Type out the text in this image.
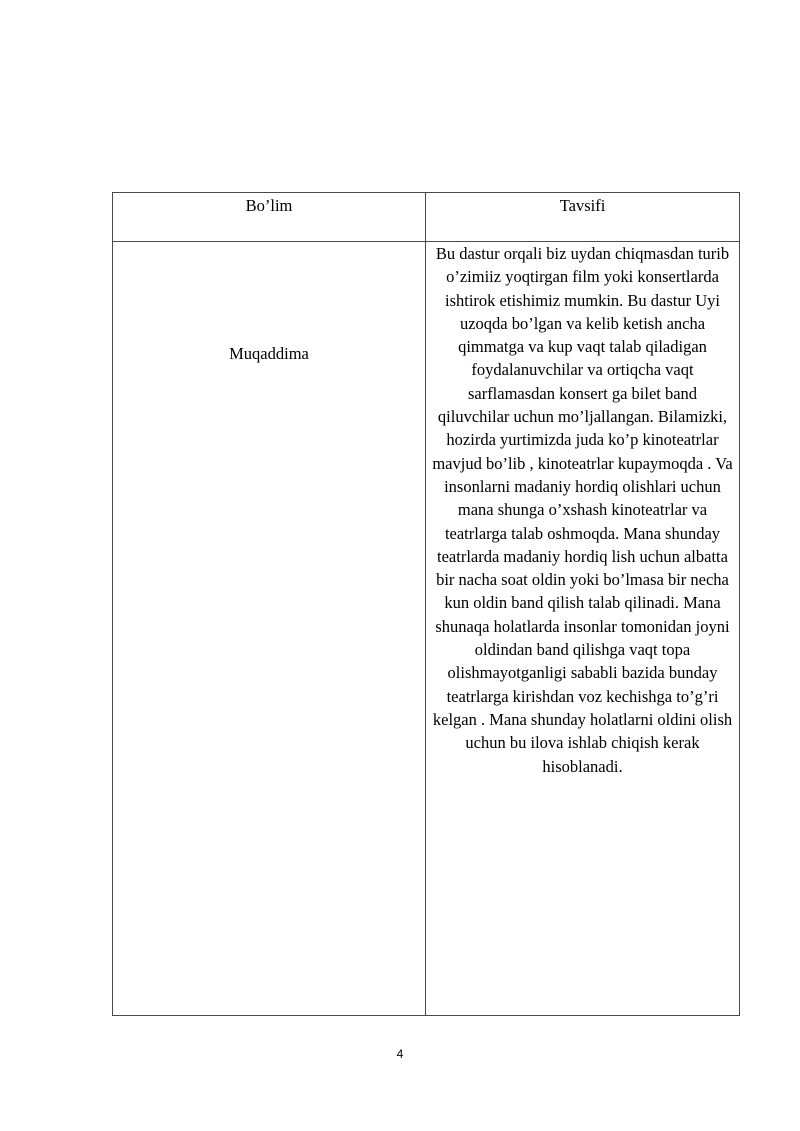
Bo’lim	Tavsifi
Muqaddima	Bu dastur orqali biz uydan chiqmasdan turib o’zimiiz yoqtirgan film yoki konsertlarda ishtirok etishimiz mumkin. Bu dastur Uyi uzoqda bo’lgan va kelib ketish ancha qimmatga va kup vaqt talab qiladigan foydalanuvchilar va ortiqcha vaqt sarflamasdan konsert ga bilet band qiluvchilar uchun mo’ljallangan. Bilamizki, hozirda yurtimizda juda ko’p kinoteatrlar mavjud bo’lib , kinoteatrlar kupaymoqda . Va insonlarni madaniy hordiq olishlari uchun mana shunga o’xshash kinoteatrlar va teatrlarga talab oshmoqda. Mana shunday teatrlarda madaniy hordiq lish uchun albatta bir nacha soat oldin yoki bo’lmasa bir necha kun oldin band qilish talab qilinadi. Mana shunaqa holatlarda insonlar tomonidan joyni oldindan band qilishga vaqt topa olishmayotganligi sababli bazida bunday teatrlarga kirishdan voz kechishga to’g’ri kelgan . Mana shunday holatlarni oldini olish uchun bu ilova ishlab chiqish kerak hisoblanadi.
4
